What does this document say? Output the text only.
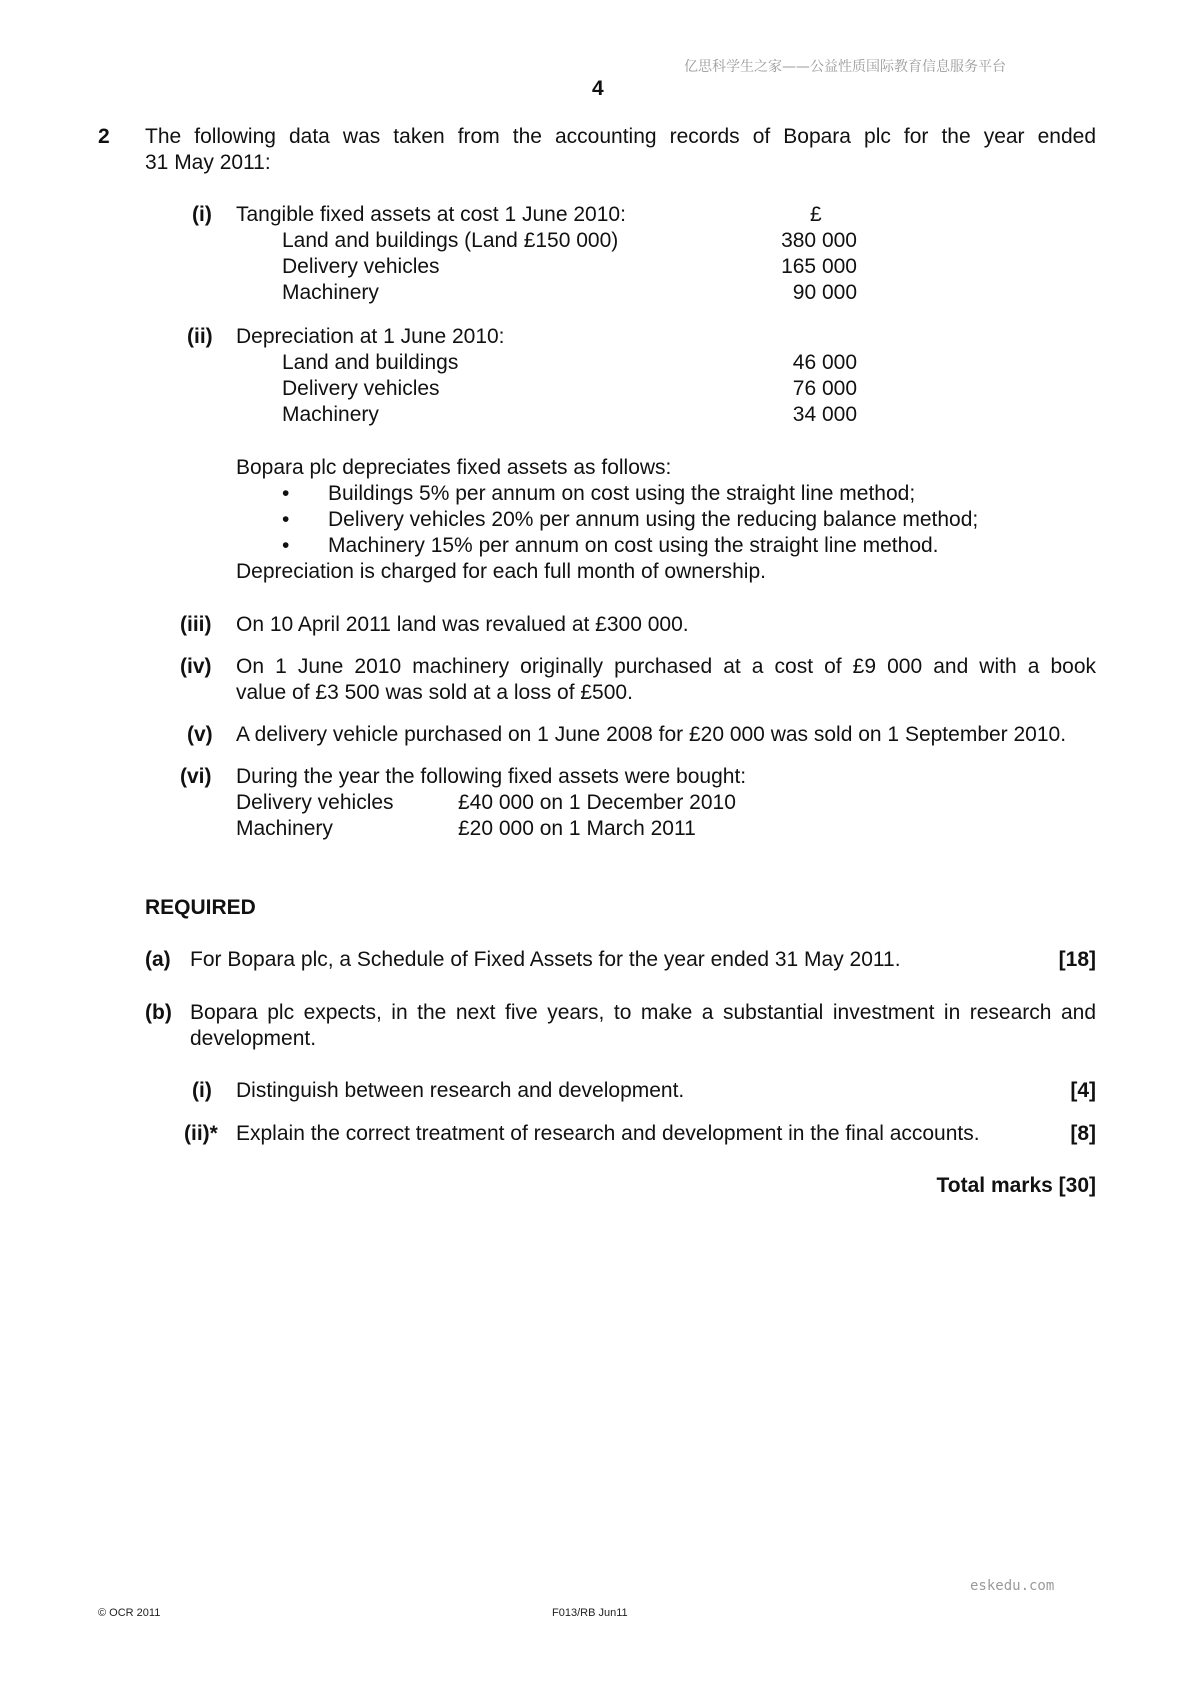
亿思科学生之家——公益性质国际教育信息服务平台
4
2 The following data was taken from the accounting records of Bopara plc for the year ended
31 May 2011:
(i) Tangible fixed assets at cost 1 June 2010:	£
Land and buildings (Land £150 000)	380 000
Delivery vehicles	165 000
Machinery	90 000
(ii) Depreciation at 1 June 2010:
Land and buildings	46 000
Delivery vehicles	76 000
Machinery	34 000
Bopara plc depreciates fixed assets as follows:
• Buildings 5% per annum on cost using the straight line method;
• Delivery vehicles 20% per annum using the reducing balance method;
• Machinery 15% per annum on cost using the straight line method.
Depreciation is charged for each full month of ownership.
(iii) On 10 April 2011 land was revalued at £300 000.
(iv) On 1 June 2010 machinery originally purchased at a cost of £9 000 and with a book
value of £3 500 was sold at a loss of £500.
(v) A delivery vehicle purchased on 1 June 2008 for £20 000 was sold on 1 September 2010.
(vi) During the year the following fixed assets were bought:
Delivery vehicles	£40 000 on 1 December 2010
Machinery	£20 000 on 1 March 2011
REQUIRED
(a) For Bopara plc, a Schedule of Fixed Assets for the year ended 31 May 2011.	[18]
(b) Bopara plc expects, in the next five years, to make a substantial investment in research and
development.
(i) Distinguish between research and development.	[4]
(ii)* Explain the correct treatment of research and development in the final accounts.	[8]
Total marks [30]
eskedu.com
© OCR 2011	F013/RB Jun11
